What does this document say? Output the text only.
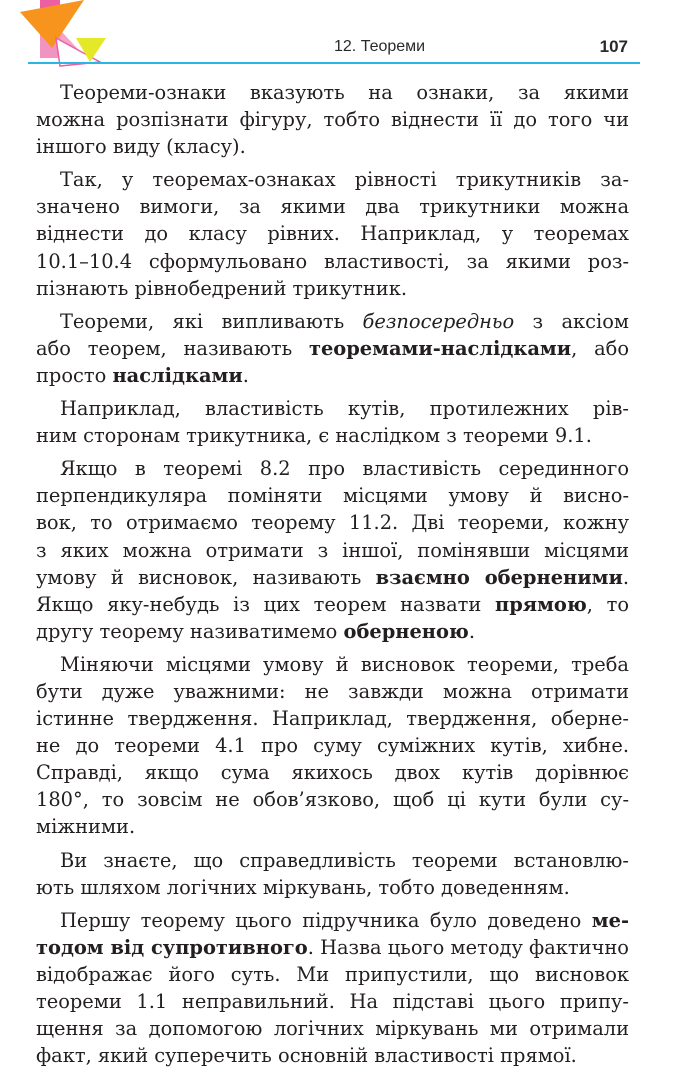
12. Теореми	107
Теореми-ознаки вказують на ознаки, за якими
можна розпізнати фігуру, тобто віднести її до того чи
іншого виду (класу).
Так, у теоремах-ознаках рівності трикутників за-
значено вимоги, за якими два трикутники можна
віднести до класу рівних. Наприклад, у теоремах
10.1–10.4 сформульовано властивості, за якими роз-
пізнають рівнобедрений трикутник.
Теореми, які випливають безпосередньо з аксіом
або теорем, називають теоремами-наслідками, або
просто наслідками.
Наприклад, властивість кутів, протилежних рів-
ним сторонам трикутника, є наслідком з теореми 9.1.
Якщо в теоремі 8.2 про властивість серединного
перпендикуляра поміняти місцями умову й висно-
вок, то отримаємо теорему 11.2. Дві теореми, кожну
з яких можна отримати з іншої, помінявши місцями
умову й висновок, називають взаємно оберненими.
Якщо яку-небудь із цих теорем назвати прямою, то
другу теорему називатимемо оберненою.
Міняючи місцями умову й висновок теореми, треба
бути дуже уважними: не завжди можна отримати
істинне твердження. Наприклад, твердження, оберне-
не до теореми 4.1 про суму суміжних кутів, хибне.
Справді, якщо сума якихось двох кутів дорівнює
180°, то зовсім не обов’язково, щоб ці кути були су-
міжними.
Ви знаєте, що справедливість теореми встановлю-
ють шляхом логічних міркувань, тобто доведенням.
Першу теорему цього підручника було доведено ме-
тодом від супротивного. Назва цього методу фактично
відображає його суть. Ми припустили, що висновок
теореми 1.1 неправильний. На підставі цього припу-
щення за допомогою логічних міркувань ми отримали
факт, який суперечить основній властивості прямої.
